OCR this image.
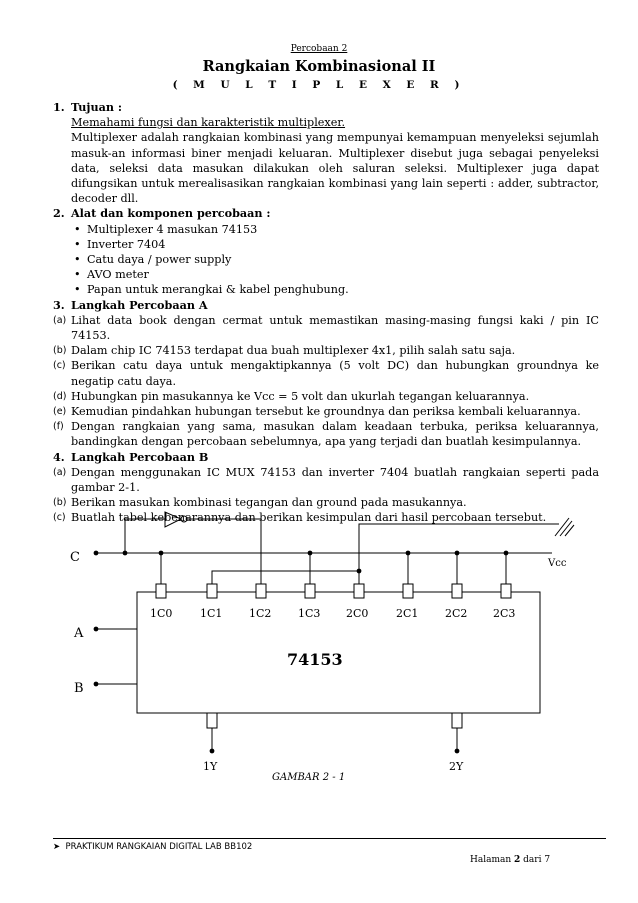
Percobaan 2
Rangkaian Kombinasional II
( M U L T I P L E X E R )
1. Tujuan :
Memahami fungsi dan karakteristik multiplexer.
Multiplexer adalah rangkaian kombinasi yang mempunyai kemampuan menyeleksi sejumlah masuk-an informasi biner menjadi keluaran. Multiplexer disebut juga sebagai penyeleksi data, seleksi data masukan dilakukan oleh saluran seleksi. Multiplexer juga dapat difungsikan untuk merealisasikan rangkaian kombinasi yang lain seperti : adder, subtractor, decoder dll.
2. Alat dan komponen percobaan :
• Multiplexer 4 masukan 74153
• Inverter 7404
• Catu daya / power supply
• AVO meter
• Papan untuk merangkai & kabel penghubung.
3. Langkah Percobaan A
(a) Lihat data book dengan cermat untuk memastikan masing-masing fungsi kaki / pin IC 74153.
(b) Dalam chip IC 74153 terdapat dua buah multiplexer 4x1, pilih salah satu saja.
(c) Berikan catu daya untuk mengaktipkannya (5 volt DC) dan hubungkan groundnya ke negatip catu daya.
(d) Hubungkan pin masukannya ke Vcc = 5 volt dan ukurlah tegangan keluarannya.
(e) Kemudian pindahkan hubungan tersebut ke groundnya dan periksa kembali keluarannya.
(f) Dengan rangkaian yang sama, masukan dalam keadaan terbuka, periksa keluarannya, bandingkan dengan percobaan sebelumnya, apa yang terjadi dan buatlah kesimpulannya.
4. Langkah Percobaan B
(a) Dengan menggunakan IC MUX 74153 dan inverter 7404 buatlah rangkaian seperti pada gambar 2-1.
(b) Berikan masukan kombinasi tegangan dan ground pada masukannya.
(c) Buatlah tabel kebenarannya dan berikan kesimpulan dari hasil percobaan tersebut.
1C0	1C1 1C2 1C3 2C0	2C1 2C2 2C3
74153
C
A
B
Vcc
1Y	2Y
GAMBAR 2 - 1
➤ PRAKTIKUM RANGKAIAN DIGITAL LAB BB102
Halaman 2 dari 7
